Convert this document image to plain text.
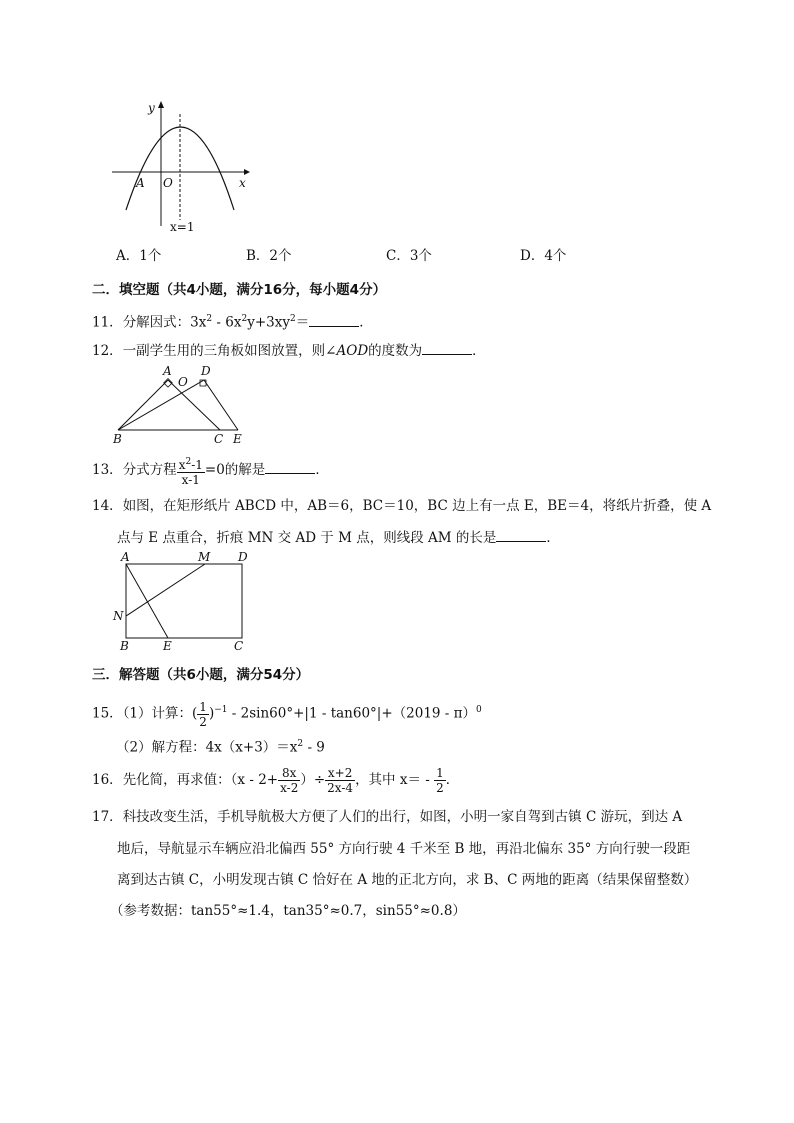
y
x
A O
x=1
A．1个	B．2个	C．3个	D．4个
二．填空题（共4小题，满分16分，每小题4分）
11．分解因式：$3x^2 - 6x^2y+3xy^2=$	．
12．一副学生用的三角板如图放置，则∠AOD的度数为	．
A
O
D
B	C E
13．分式方程 $\frac{x^2-1}{x-1} =0$的解是	．
14．如图，在矩形纸片 ABCD 中，AB＝6，BC＝10，BC 边上有一点 E，BE＝4，将纸片折叠，使 A
点与 E 点重合，折痕 MN 交 AD 于 M 点，则线段 AM 的长是	．
A	M D
N
B	E	C
三．解答题（共6小题，满分54分）
15．（1）计算：( $\frac{1}{2} )^{-1} - 2\sin 60^\circ+|1 - \tan 60^\circ|+(2019 - \pi)^0$
（2）解方程：$4x(x+3)=x^2 - 9$
16．先化简，再求值：（$x - 2+ \frac{8x}{x-2}$ ）÷ $\frac{x+2}{2x-4}$ ，其中 $x= - \frac{1}{2}$ ．
17．科技改变生活，手机导航极大方便了人们的出行，如图，小明一家自驾到古镇 C 游玩，到达 A
地后，导航显示车辆应沿北偏西 55° 方向行驶 4 千米至 B 地，再沿北偏东 35° 方向行驶一段距
离到达古镇 C，小明发现古镇 C 恰好在 A 地的正北方向，求 B、C 两地的距离（结果保留整数）
（参考数据：tan55°≈1.4，tan35°≈0.7，sin55°≈0.8）
